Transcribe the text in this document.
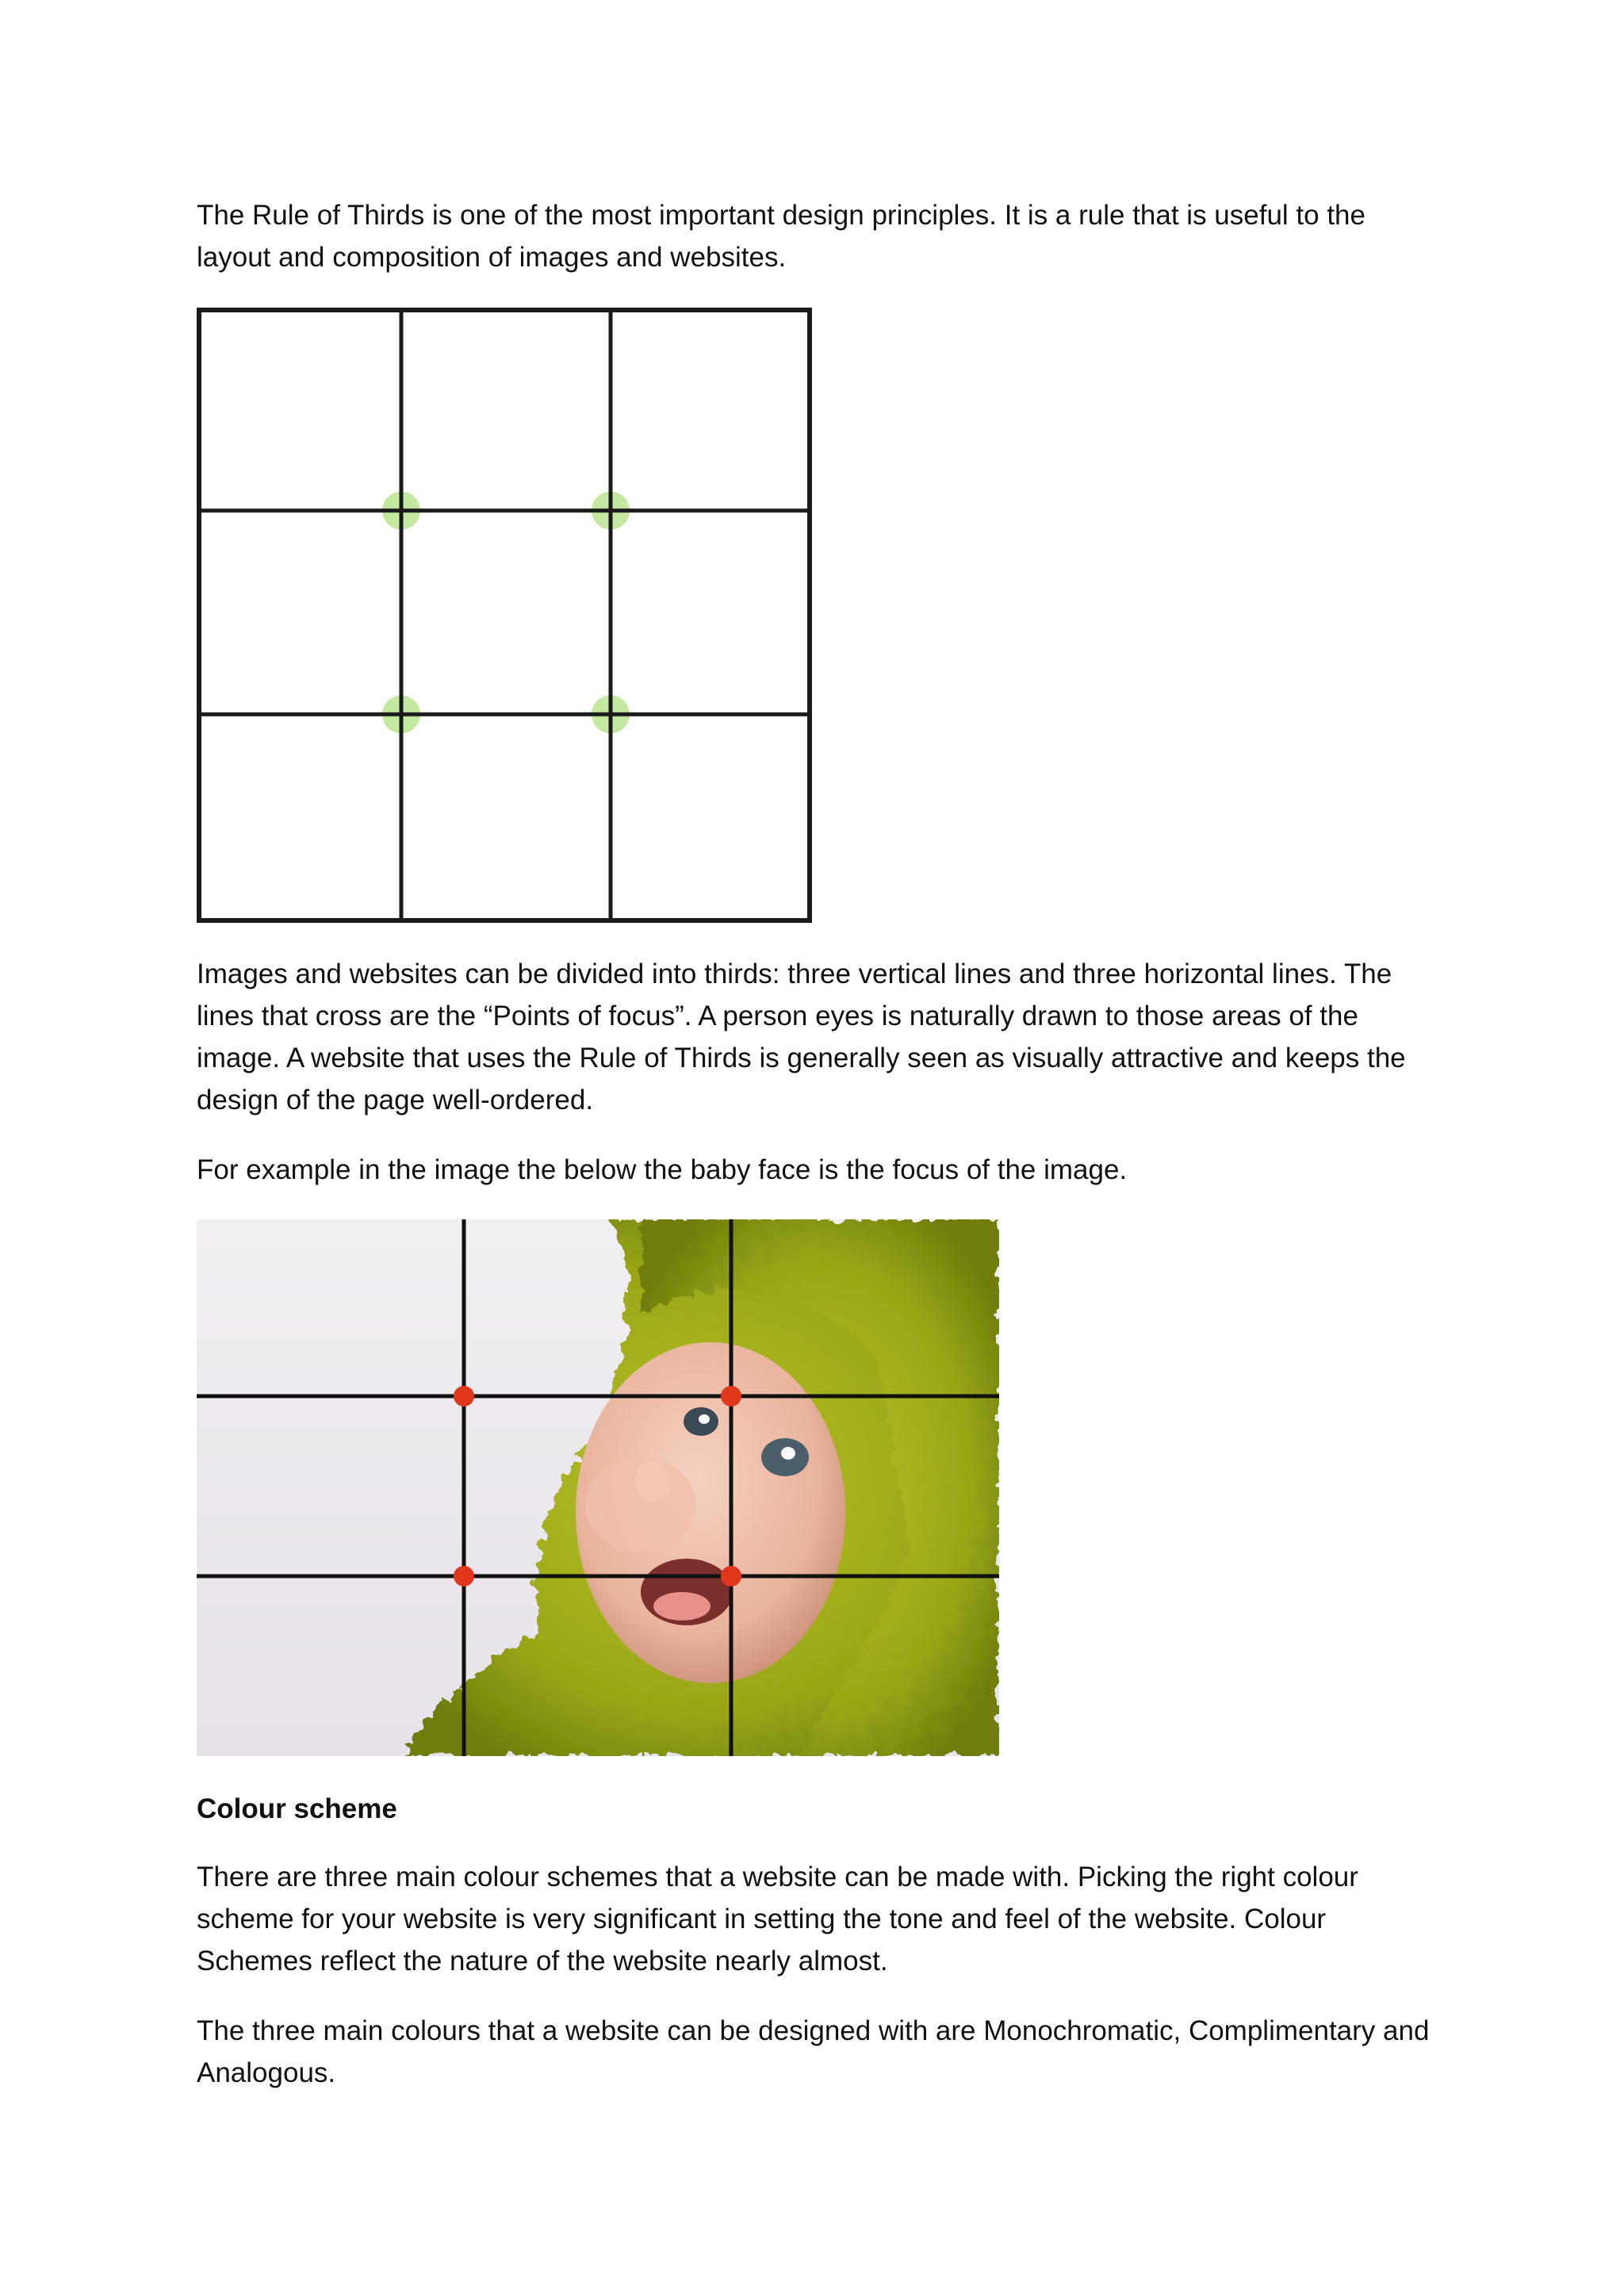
The Rule of Thirds is one of the most important design principles. It is a rule that is useful to the layout and composition of images and websites.

Images and websites can be divided into thirds: three vertical lines and three horizontal lines. The lines that cross are the “Points of focus”. A person eyes is naturally drawn to those areas of the image. A website that uses the Rule of Thirds is generally seen as visually attractive and keeps the design of the page well-ordered.

For example in the image the below the baby face is the focus of the image.

Colour scheme

There are three main colour schemes that a website can be made with. Picking the right colour scheme for your website is very significant in setting the tone and feel of the website. Colour Schemes reflect the nature of the website nearly almost.

The three main colours that a website can be designed with are Monochromatic, Complimentary and Analogous.
